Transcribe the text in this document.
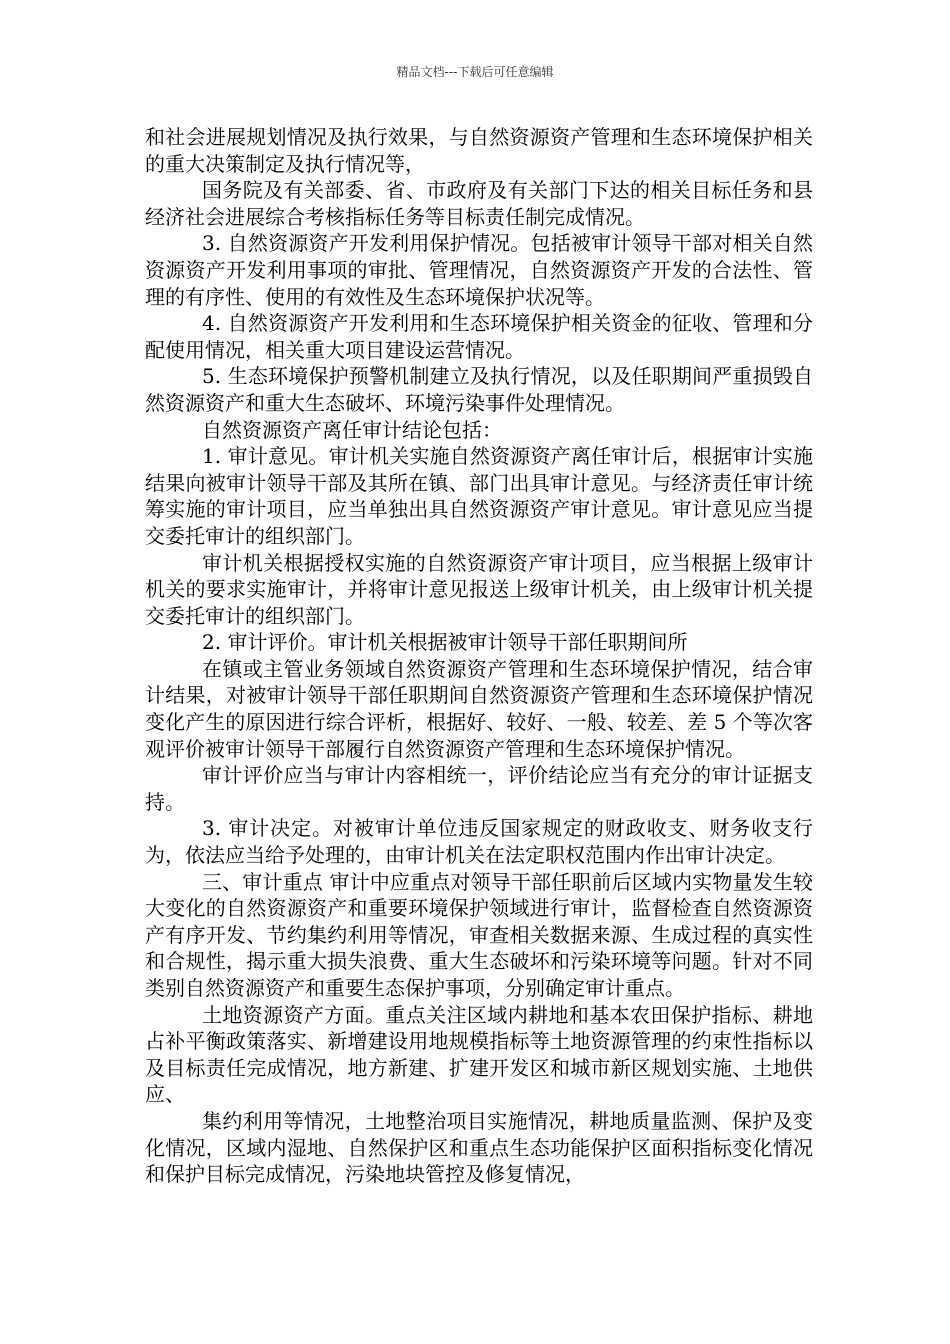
精品文档---下载后可任意编辑

和社会进展规划情况及执行效果，与自然资源资产管理和生态环境保护相关的重大决策制定及执行情况等，

国务院及有关部委、省、市政府及有关部门下达的相关目标任务和县经济社会进展综合考核指标任务等目标责任制完成情况。

3. 自然资源资产开发利用保护情况。包括被审计领导干部对相关自然资源资产开发利用事项的审批、管理情况，自然资源资产开发的合法性、管理的有序性、使用的有效性及生态环境保护状况等。

4. 自然资源资产开发利用和生态环境保护相关资金的征收、管理和分配使用情况，相关重大项目建设运营情况。

5. 生态环境保护预警机制建立及执行情况，以及任职期间严重损毁自然资源资产和重大生态破坏、环境污染事件处理情况。

自然资源资产离任审计结论包括：

1. 审计意见。审计机关实施自然资源资产离任审计后，根据审计实施结果向被审计领导干部及其所在镇、部门出具审计意见。与经济责任审计统筹实施的审计项目，应当单独出具自然资源资产审计意见。审计意见应当提交委托审计的组织部门。

审计机关根据授权实施的自然资源资产审计项目，应当根据上级审计机关的要求实施审计，并将审计意见报送上级审计机关，由上级审计机关提交委托审计的组织部门。

2. 审计评价。审计机关根据被审计领导干部任职期间所

在镇或主管业务领域自然资源资产管理和生态环境保护情况，结合审计结果，对被审计领导干部任职期间自然资源资产管理和生态环境保护情况变化产生的原因进行综合评析，根据好、较好、一般、较差、差 5 个等次客观评价被审计领导干部履行自然资源资产管理和生态环境保护情况。

审计评价应当与审计内容相统一，评价结论应当有充分的审计证据支持。

3. 审计决定。对被审计单位违反国家规定的财政收支、财务收支行为，依法应当给予处理的，由审计机关在法定职权范围内作出审计决定。

三、审计重点 审计中应重点对领导干部任职前后区域内实物量发生较大变化的自然资源资产和重要环境保护领域进行审计，监督检查自然资源资产有序开发、节约集约利用等情况，审查相关数据来源、生成过程的真实性和合规性，揭示重大损失浪费、重大生态破坏和污染环境等问题。针对不同类别自然资源资产和重要生态保护事项，分别确定审计重点。

土地资源资产方面。重点关注区域内耕地和基本农田保护指标、耕地占补平衡政策落实、新增建设用地规模指标等土地资源管理的约束性指标以及目标责任完成情况，地方新建、扩建开发区和城市新区规划实施、土地供应、

集约利用等情况，土地整治项目实施情况，耕地质量监测、保护及变化情况，区域内湿地、自然保护区和重点生态功能保护区面积指标变化情况和保护目标完成情况，污染地块管控及修复情况，
